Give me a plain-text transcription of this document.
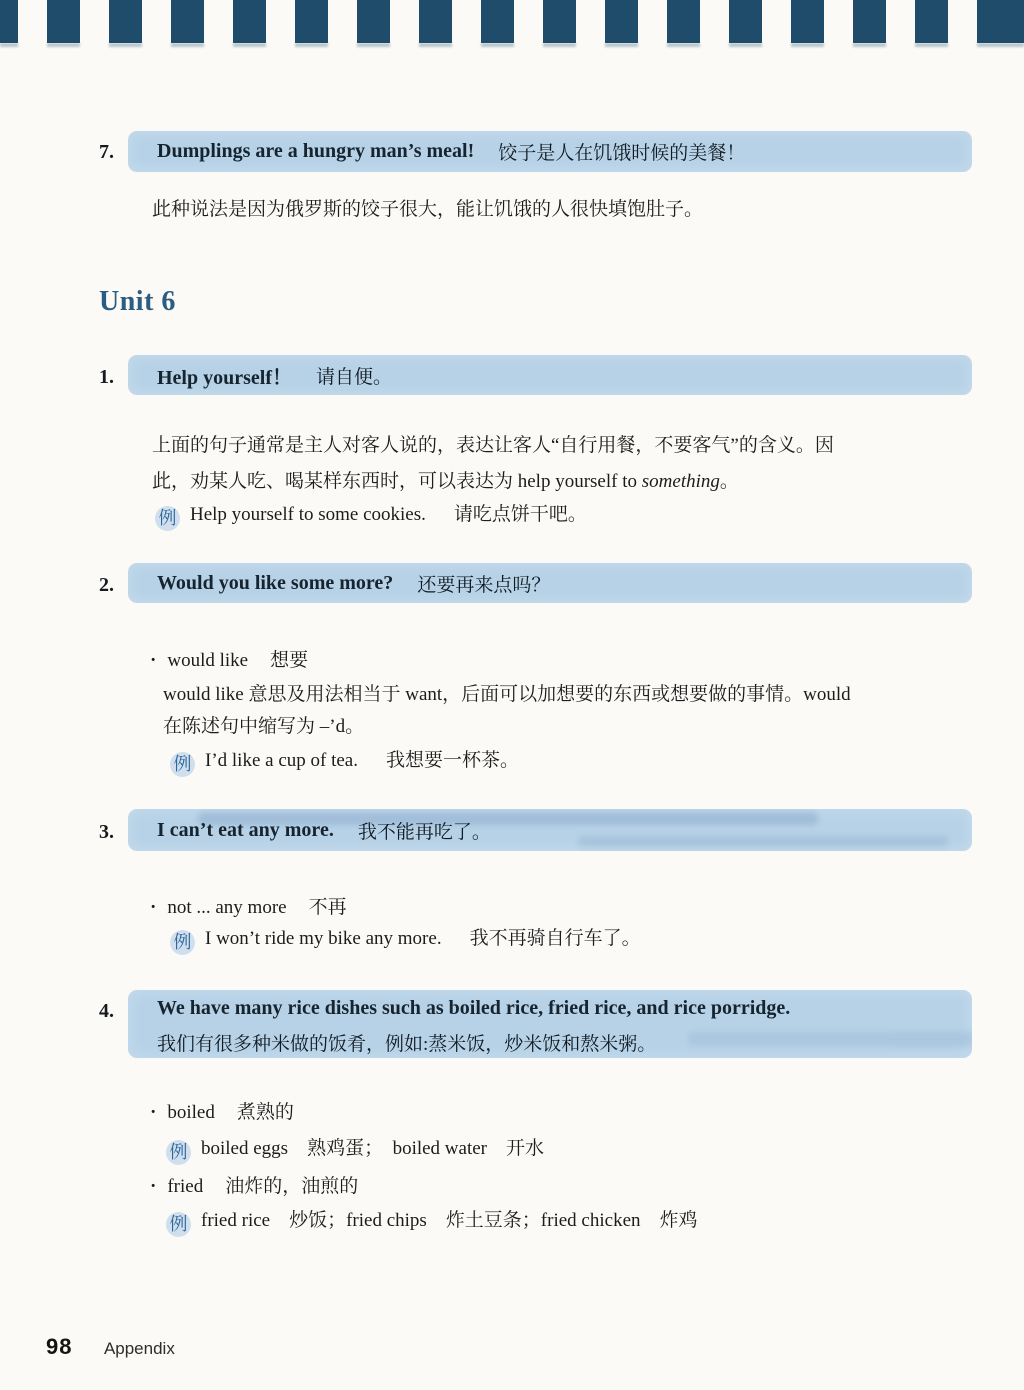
7.	Dumplings are a hungry man’s meal! 饺子是人在饥饿时候的美餐！
此种说法是因为俄罗斯的饺子很大，能让饥饿的人很快填饱肚子。
Unit 6
1.	Help yourself！ 请自便。
上面的句子通常是主人对客人说的，表达让客人“自行用餐，不要客气”的含义。因
此，劝某人吃、喝某样东西时，可以表达为 help yourself to something。
例 Help yourself to some cookies. 请吃点饼干吧。
2.	Would you like some more? 还要再来点吗？
· would like 想要
would like 意思及用法相当于 want，后面可以加想要的东西或想要做的事情。would
在陈述句中缩写为 –’d。
例 I’d like a cup of tea. 我想要一杯茶。
3.	I can’t eat any more. 我不能再吃了。
· not ... any more 不再
例 I won’t ride my bike any more. 我不再骑自行车了。
4.	We have many rice dishes such as boiled rice, fried rice, and rice porridge.
我们有很多种米做的饭肴，例如:蒸米饭，炒米饭和熬米粥。
· boiled 煮熟的
例 boiled eggs　熟鸡蛋；  boiled water　开水
· fried 油炸的，油煎的
例 fried rice　炒饭；fried chips　炸土豆条；fried chicken　炸鸡
98 Appendix
